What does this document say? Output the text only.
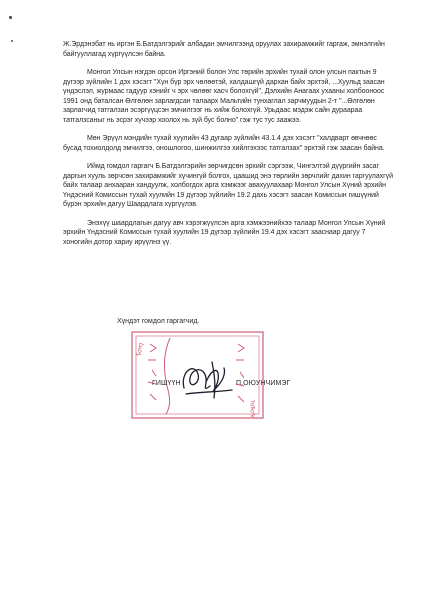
Ж.Эрдэнэбат нь иргэн Б.Батдэлгэрийг албадан эмчилгээнд оруулах захирамжийг гаргаж, эмнэлгийн байгууллагад хүргүүлсэн байна.

Монгол Улсын нэгдэн орсон Иргэний болон Улс төрийн эрхийн тухай олон улсын пактын 9 дүгээр зүйлийн 1 дэх хэсэгт "Хүн бүр эрх чөлөөтэй, халдашгүй дархан байх эрхтэй, ...Хуульд заасан үндэслэл, журмаас гадуур хэнийг ч эрх чөлөөг хасч болохгүй", Дэлхийн Анагаах ухааны холбооноос 1991 онд баталсан Өлгөлөн зарлагдсан талаарх Мальтийн тунхаглал зарчмуудын 2-т "...Өлгөлөн зарлагчид татгалзан эсэргүүцсэн эмчилгээг нь хийж болохгүй. Урьдаас мэдэж сайн дураараа татгалзсаныг нь эсрэг хүчээр хоолох нь зүй бус болно" гэж тус тус заажээ.

Мөн Эрүүл мэндийн тухай хуулийн 43 дугаар зүйлийн 43.1.4 дэх хэсэгт "халдварт өвчнөөс бусад тохиолдолд эмчилгээ, оношлогоо, шинжилгээ хийлгэхээс татгалзах" эрхтэй гэж заасан байна.

Иймд гомдол гаргагч Б.Батдэлгэрийн зөрчигдсөн эрхийг сэргээж, Чингэлтэй дүүргийн засаг даргын хууль зөрчсөн захирамжийг хүчингүй болгох, цаашид энэ төрлийн зөрчлийг дахин гаргуулахгүй байх талаар анхааран хандуулж, холбогдох арга хэмжээг авахуулахаар Монгол Улсын Хүний эрхийн Үндэсний Комиссын тухай хуулийн 19 дүгээр зүйлийн 19.2 дахь хэсэгт заасан Комиссын гишүүний бүрэн эрхийн дагуу Шаардлага хүргүүлэв.

Энэхүү шаардлагын дагуу авч хэрэгжүүлсэн арга хэмжээнийхээ талаар Монгол Улсын Хүний эрхийн Үндэсний Комиссын тухай хуулийн 19 дүгээр зүйлийн 19.4 дэх хэсэгт зааснаар дагуу 7 хоногийн дотор хариу ирүүлнэ үү.

Хүндэт гомдол гаргагчид.
ᠮᠣᠩ
ᠤᠯᠤᠰ
ГИШҮҮН	П.ОЮУНЧИМЭГ
